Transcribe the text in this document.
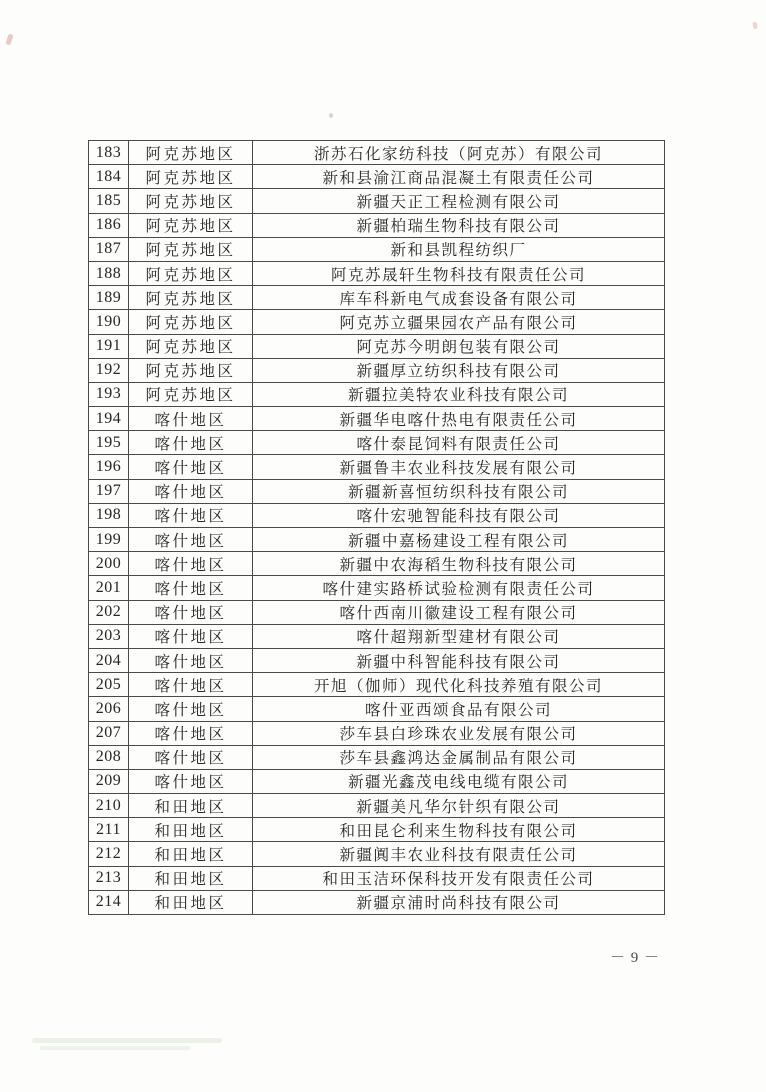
183	阿克苏地区	浙苏石化家纺科技（阿克苏）有限公司
184	阿克苏地区	新和县渝江商品混凝土有限责任公司
185	阿克苏地区	新疆天正工程检测有限公司
186	阿克苏地区	新疆柏瑞生物科技有限公司
187	阿克苏地区	新和县凯程纺织厂
188	阿克苏地区	阿克苏晟轩生物科技有限责任公司
189	阿克苏地区	库车科新电气成套设备有限公司
190	阿克苏地区	阿克苏立疆果园农产品有限公司
191	阿克苏地区	阿克苏今明朗包装有限公司
192	阿克苏地区	新疆厚立纺织科技有限公司
193	阿克苏地区	新疆拉美特农业科技有限公司
194	喀什地区	新疆华电喀什热电有限责任公司
195	喀什地区	喀什泰昆饲料有限责任公司
196	喀什地区	新疆鲁丰农业科技发展有限公司
197	喀什地区	新疆新喜恒纺织科技有限公司
198	喀什地区	喀什宏驰智能科技有限公司
199	喀什地区	新疆中嘉杨建设工程有限公司
200	喀什地区	新疆中农海稻生物科技有限公司
201	喀什地区	喀什建实路桥试验检测有限责任公司
202	喀什地区	喀什西南川徽建设工程有限公司
203	喀什地区	喀什超翔新型建材有限公司
204	喀什地区	新疆中科智能科技有限公司
205	喀什地区	开旭（伽师）现代化科技养殖有限公司
206	喀什地区	喀什亚西颂食品有限公司
207	喀什地区	莎车县白珍珠农业发展有限公司
208	喀什地区	莎车县鑫鸿达金属制品有限公司
209	喀什地区	新疆光鑫茂电线电缆有限公司
210	和田地区	新疆美凡华尔针织有限公司
211	和田地区	和田昆仑利来生物科技有限公司
212	和田地区	新疆阗丰农业科技有限责任公司
213	和田地区	和田玉洁环保科技开发有限责任公司
214	和田地区	新疆京浦时尚科技有限公司
－ 9 －
